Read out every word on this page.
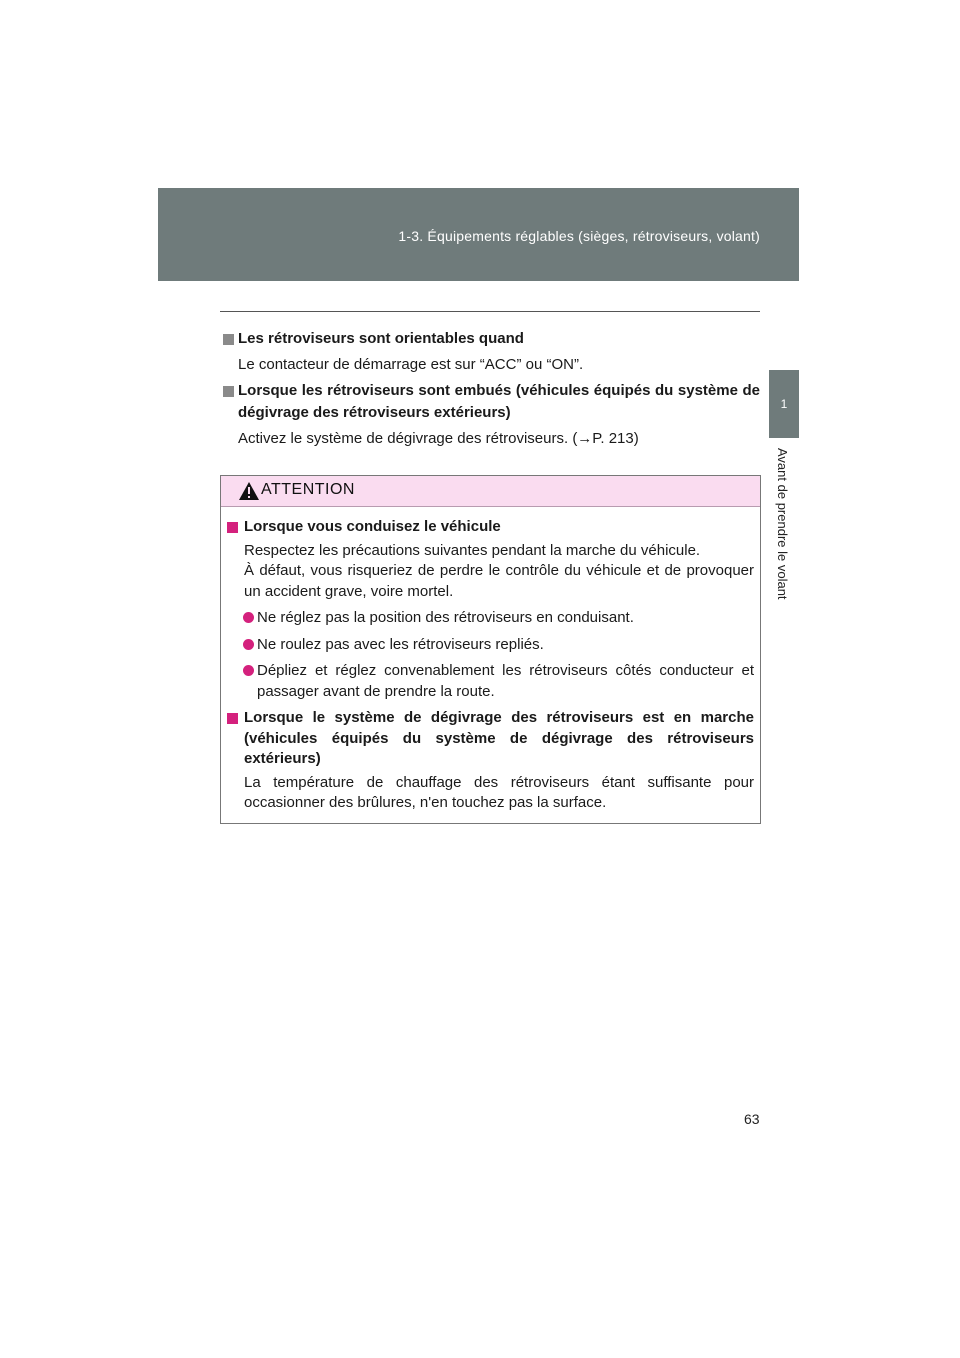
1-3. Équipements réglables (sièges, rétroviseurs, volant)
1
Avant de prendre le volant
Les rétroviseurs sont orientables quand
Le contacteur de démarrage est sur “ACC” ou “ON”.
Lorsque les rétroviseurs sont embués (véhicules équipés du système de dégivrage des rétroviseurs extérieurs)
Activez le système de dégivrage des rétroviseurs. (→P. 213)
ATTENTION
Lorsque vous conduisez le véhicule
Respectez les précautions suivantes pendant la marche du véhicule.
À défaut, vous risqueriez de perdre le contrôle du véhicule et de provoquer un accident grave, voire mortel.
Ne réglez pas la position des rétroviseurs en conduisant.
Ne roulez pas avec les rétroviseurs repliés.
Dépliez et réglez convenablement les rétroviseurs côtés conducteur et passager avant de prendre la route.
Lorsque le système de dégivrage des rétroviseurs est en marche (véhicules équipés du système de dégivrage des rétroviseurs extérieurs)
La température de chauffage des rétroviseurs étant suffisante pour occasionner des brûlures, n'en touchez pas la surface.
63
